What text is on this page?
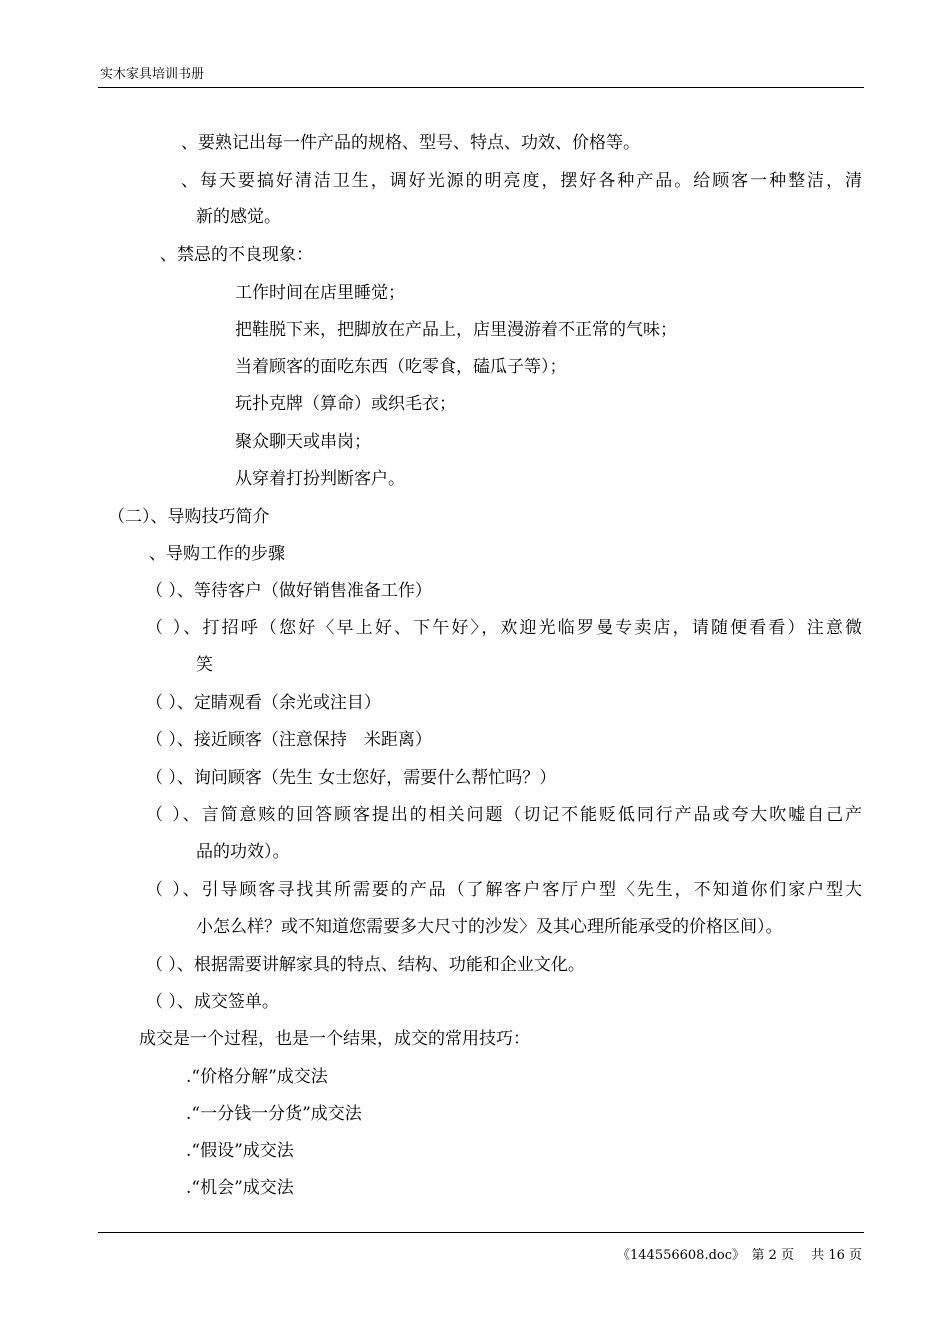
实木家具培训书册
、要熟记出每一件产品的规格、型号、特点、功效、价格等。
、每天要搞好清洁卫生，调好光源的明亮度，摆好各种产品。给顾客一种整洁，清
新的感觉。
、禁忌的不良现象：
工作时间在店里睡觉；
把鞋脱下来，把脚放在产品上，店里漫游着不正常的气味；
当着顾客的面吃东西（吃零食，磕瓜子等）；
玩扑克牌（算命）或织毛衣；
聚众聊天或串岗；
从穿着打扮判断客户。
（二）、导购技巧简介
、导购工作的步骤
（ ）、等待客户（做好销售准备工作）
（ ）、打招呼（您好〈早上好、下午好〉，欢迎光临罗曼专卖店，请随便看看）注意微
笑
（ ）、定睛观看（余光或注目）
（ ）、接近顾客（注意保持　米距离）
（ ）、询问顾客（先生 女士您好，需要什么帮忙吗？）
（ ）、言简意赅的回答顾客提出的相关问题（切记不能贬低同行产品或夸大吹嘘自己产
品的功效）。
（ ）、引导顾客寻找其所需要的产品（了解客户客厅户型〈先生，不知道你们家户型大
小怎么样？或不知道您需要多大尺寸的沙发〉及其心理所能承受的价格区间）。
（ ）、根据需要讲解家具的特点、结构、功能和企业文化。
（ ）、成交签单。
成交是一个过程，也是一个结果，成交的常用技巧：
.“价格分解”成交法
.“一分钱一分货”成交法
.“假设”成交法
.“机会”成交法
《144556608.doc》　第 2 页　 共 16 页
